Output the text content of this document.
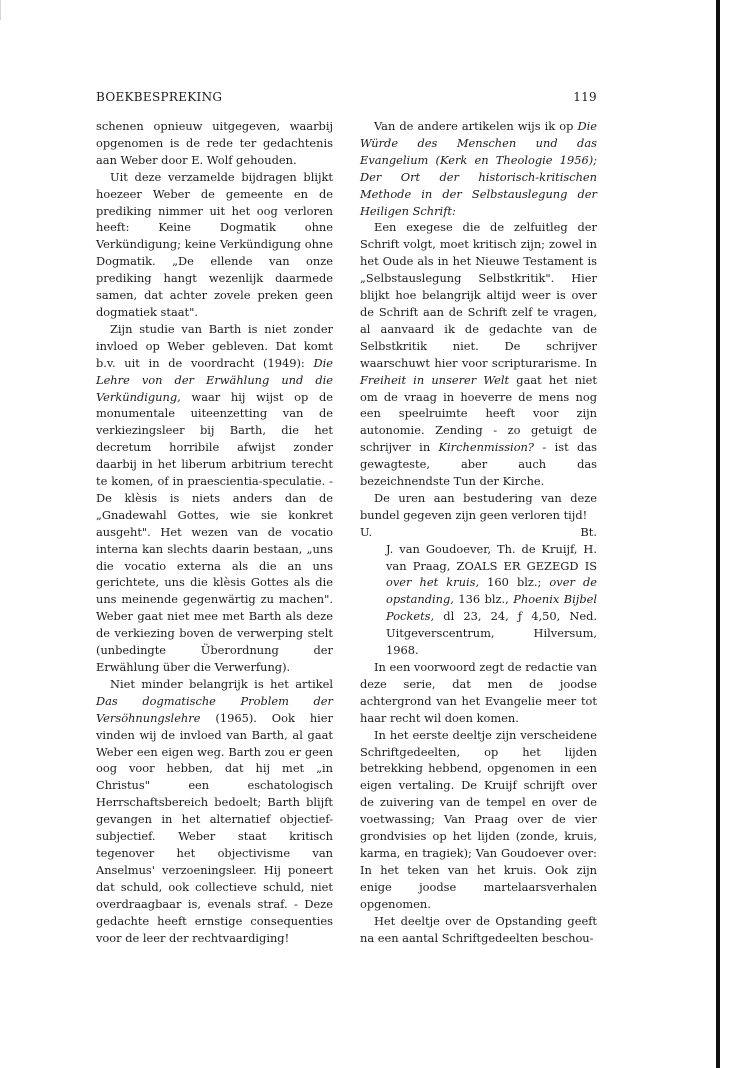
BOEKBESPREKING	119

schenen opnieuw uitgegeven, waarbij opgenomen is de rede ter gedachtenis aan Weber door E. Wolf gehouden.

Uit deze verzamelde bijdragen blijkt hoezeer Weber de gemeente en de prediking nimmer uit het oog verloren heeft: Keine Dogmatik ohne Verkündigung; keine Verkündigung ohne Dogmatik. „De ellende van onze prediking hangt wezenlijk daarmede samen, dat achter zovele preken geen dogmatiek staat".

Zijn studie van Barth is niet zonder invloed op Weber gebleven. Dat komt b.v. uit in de voordracht (1949): Die Lehre von der Erwählung und die Verkündigung, waar hij wijst op de monumentale uiteenzetting van de verkiezingsleer bij Barth, die het decretum horribile afwijst zonder daarbij in het liberum arbitrium terecht te komen, of in praescientia-speculatie. -De klèsis is niets anders dan de „Gnadewahl Gottes, wie sie konkret ausgeht". Het wezen van de vocatio interna kan slechts daarin bestaan, „uns die vocatio externa als die an uns gerichtete, uns die klèsis Gottes als die uns meinende gegenwärtig zu machen". Weber gaat niet mee met Barth als deze de verkiezing boven de verwerping stelt (unbedingte Überordnung der Erwählung über die Verwerfung).

Niet minder belangrijk is het artikel Das dogmatische Problem der Versöhnungslehre (1965). Ook hier vinden wij de invloed van Barth, al gaat Weber een eigen weg. Barth zou er geen oog voor hebben, dat hij met „in Christus" een eschatologisch Herrschaftsbereich bedoelt; Barth blijft gevangen in het alternatief objectief-subjectief. Weber staat kritisch tegenover het objectivisme van Anselmus' verzoeningsleer. Hij poneert dat schuld, ook collectieve schuld, niet overdraagbaar is, evenals straf. - Deze gedachte heeft ernstige consequenties voor de leer der rechtvaardiging!

Van de andere artikelen wijs ik op Die Würde des Menschen und das Evangelium (Kerk en Theologie 1956); Der Ort der historisch-kritischen Methode in der Selbstauslegung der Heiligen Schrift:

Een exegese die de zelfuitleg der Schrift volgt, moet kritisch zijn; zowel in het Oude als in het Nieuwe Testament is „Selbstauslegung Selbstkritik". Hier blijkt hoe belangrijk altijd weer is over de Schrift aan de Schrift zelf te vragen, al aanvaard ik de gedachte van de Selbstkritik niet. De schrijver waarschuwt hier voor scripturarisme. In Freiheit in unserer Welt gaat het niet om de vraag in hoeverre de mens nog een speelruimte heeft voor zijn autonomie. Zending - zo getuigt de schrijver in Kirchenmission? - ist das gewagteste, aber auch das bezeichnendste Tun der Kirche.

De uren aan bestudering van deze bundel gegeven zijn geen verloren tijd!

U.	Bt.

J. van Goudoever, Th. de Kruijf, H. van Praag, ZOALS ER GEZEGD IS over het kruis, 160 blz.; over de opstanding, 136 blz., Phoenix Bijbel Pockets, dl 23, 24, ƒ 4,50, Ned. Uitgeverscentrum, Hilversum, 1968.

In een voorwoord zegt de redactie van deze serie, dat men de joodse achtergrond van het Evangelie meer tot haar recht wil doen komen.

In het eerste deeltje zijn verscheidene Schriftgedeelten, op het lijden betrekking hebbend, opgenomen in een eigen vertaling. De Kruijf schrijft over de zuivering van de tempel en over de voetwassing; Van Praag over de vier grondvisies op het lijden (zonde, kruis, karma, en tragiek); Van Goudoever over: In het teken van het kruis. Ook zijn enige joodse martelaarsverhalen opgenomen.

Het deeltje over de Opstanding geeft na een aantal Schriftgedeelten beschou-
